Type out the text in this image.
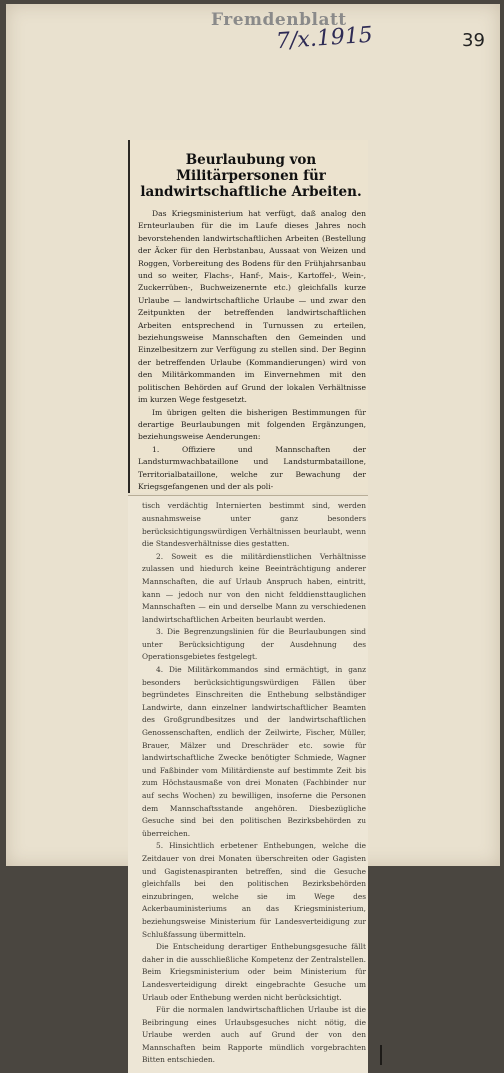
Fremdenblatt
7/x.1915	39
Beurlaubung von Militärpersonen für landwirtschaftliche Arbeiten.

Das Kriegsministerium hat verfügt, daß analog den Ernteurlauben für die im Laufe dieses Jahres noch bevorstehenden landwirtschaftlichen Arbeiten (Bestellung der Äcker für den Herbstanbau, Aussaat von Weizen und Roggen, Vorbereitung des Bodens für den Frühjahrsanbau und so weiter, Flachs-, Hanf-, Mais-, Kartoffel-, Wein-, Zuckerrüben-, Buchweizenernte etc.) gleichfalls kurze Urlaube — landwirtschaftliche Urlaube — und zwar den Zeitpunkten der betreffenden landwirtschaftlichen Arbeiten entsprechend in Turnussen zu erteilen, beziehungsweise Mannschaften den Gemeinden und Einzelbesitzern zur Verfügung zu stellen sind. Der Beginn der betreffenden Urlaube (Kommandierungen) wird von den Militärkommanden im Einvernehmen mit den politischen Behörden auf Grund der lokalen Verhältnisse im kurzen Wege festgesetzt.

Im übrigen gelten die bisherigen Bestimmungen für derartige Beurlaubungen mit folgenden Ergänzungen, beziehungsweise Aenderungen:

1. Offiziere und Mannschaften der Landsturmwachbataillone und Landsturmbataillone, Territorialbataillone, welche zur Bewachung der Kriegsgefangenen und der als poli-

tisch verdächtig Internierten bestimmt sind, werden ausnahmsweise unter ganz besonders berücksichtigungswürdigen Verhältnissen beurlaubt, wenn die Standesverhältnisse dies gestatten.

2. Soweit es die militärdienstlichen Verhältnisse zulassen und hiedurch keine Beeinträchtigung anderer Mannschaften, die auf Urlaub Anspruch haben, eintritt, kann — jedoch nur von den nicht felddiensttauglichen Mannschaften — ein und derselbe Mann zu verschiedenen landwirtschaftlichen Arbeiten beurlaubt werden.

3. Die Begrenzungslinien für die Beurlaubungen sind unter Berücksichtigung der Ausdehnung des Operationsgebietes festgelegt.

4. Die Militärkommandos sind ermächtigt, in ganz besonders berücksichtigungswürdigen Fällen über begründetes Einschreiten die Enthebung selbständiger Landwirte, dann einzelner landwirtschaftlicher Beamten des Großgrundbesitzes und der landwirtschaftlichen Genossenschaften, endlich der Zeilwirte, Fischer, Müller, Brauer, Mälzer und Dreschräder etc. sowie für landwirtschaftliche Zwecke benötigter Schmiede, Wagner und Faßbinder vom Militärdienste auf bestimmte Zeit bis zum Höchstausmaße von drei Monaten (Fachbinder nur auf sechs Wochen) zu bewilligen, insoferne die Personen dem Mannschaftsstande angehören. Diesbezügliche Gesuche sind bei den politischen Bezirksbehörden zu überreichen.

5. Hinsichtlich erbetener Enthebungen, welche die Zeitdauer von drei Monaten überschreiten oder Gagisten und Gagistenaspiranten betreffen, sind die Gesuche gleichfalls bei den politischen Bezirksbehörden einzubringen, welche sie im Wege des Ackerbauministeriums an das Kriegsministerium, beziehungsweise Ministerium für Landesverteidigung zur Schlußfassung übermitteln.

Die Entscheidung derartiger Enthebungsgesuche fällt daher in die ausschließliche Kompetenz der Zentralstellen. Beim Kriegsministerium oder beim Ministerium für Landesverteidigung direkt eingebrachte Gesuche um Urlaub oder Enthebung werden nicht berücksichtigt.

Für die normalen landwirtschaftlichen Urlaube ist die Beibringung eines Urlaubsgesuches nicht nötig, die Urlaube werden auch auf Grund der von den Mannschaften beim Rapporte mündlich vorgebrachten Bitten entschieden.
